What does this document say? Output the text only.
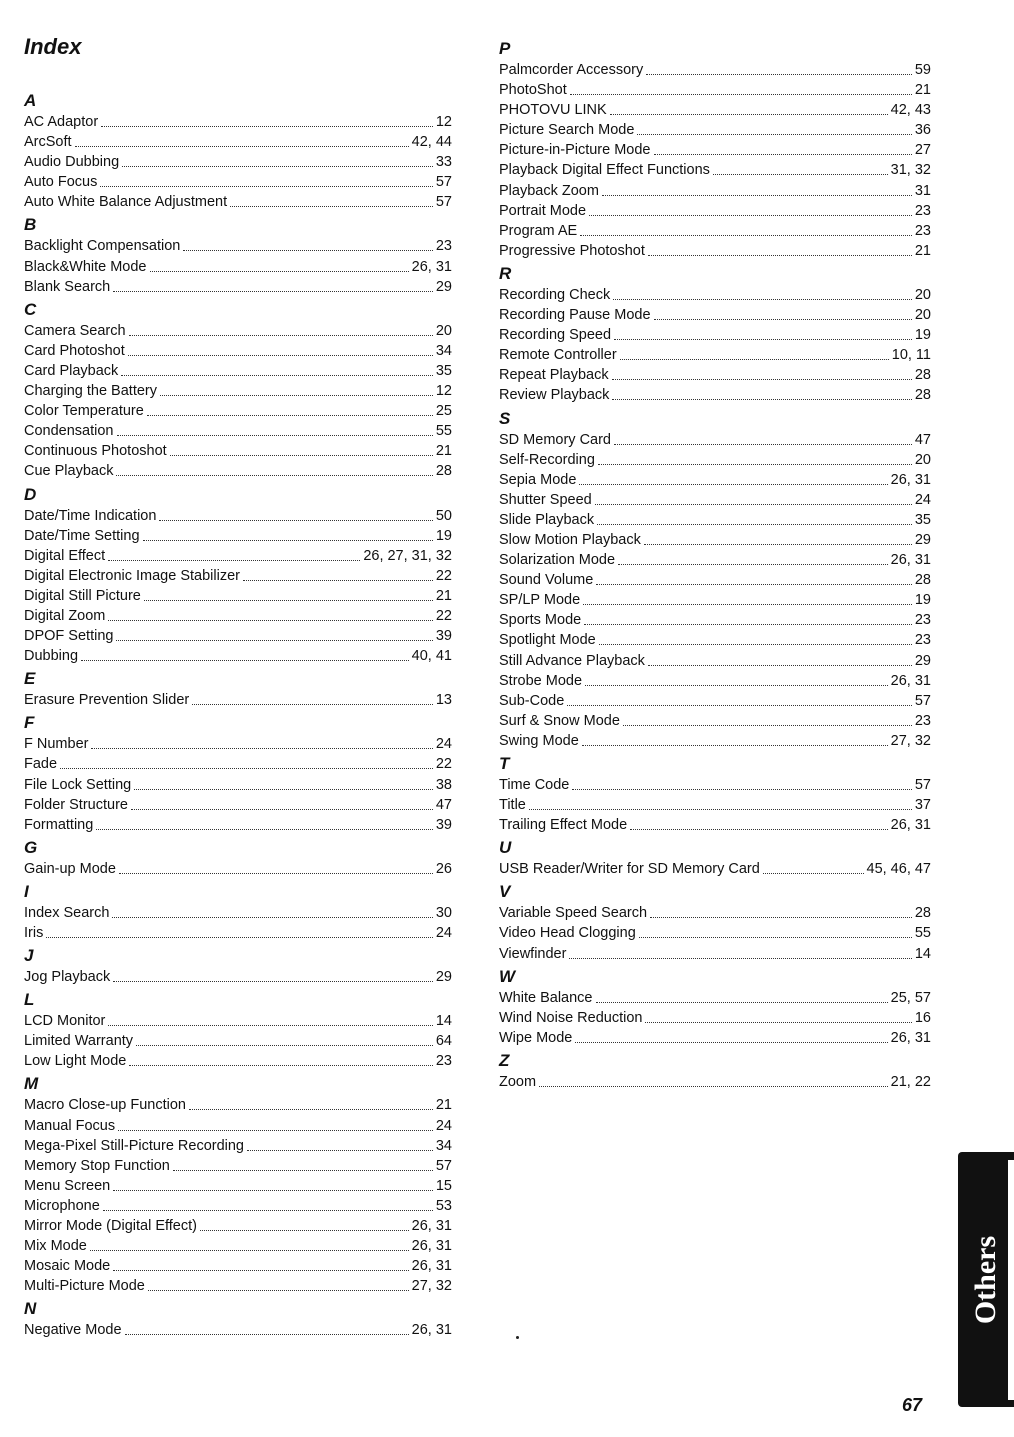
Index
A
AC Adaptor	12
ArcSoft	42, 44
Audio Dubbing	33
Auto Focus	57
Auto White Balance Adjustment	57
B
Backlight Compensation	23
Black&White Mode	26, 31
Blank Search	29
C
Camera Search	20
Card Photoshot	34
Card Playback	35
Charging the Battery	12
Color Temperature	25
Condensation	55
Continuous Photoshot	21
Cue Playback	28
D
Date/Time Indication	50
Date/Time Setting	19
Digital Effect	26, 27, 31, 32
Digital Electronic Image Stabilizer	22
Digital Still Picture	21
Digital Zoom	22
DPOF Setting	39
Dubbing	40, 41
E
Erasure Prevention Slider	13
F
F Number	24
Fade	22
File Lock Setting	38
Folder Structure	47
Formatting	39
G
Gain-up Mode	26
I
Index Search	30
Iris	24
J
Jog Playback	29
L
LCD Monitor	14
Limited Warranty	64
Low Light Mode	23
M
Macro Close-up Function	21
Manual Focus	24
Mega-Pixel Still-Picture Recording	34
Memory Stop Function	57
Menu Screen	15
Microphone	53
Mirror Mode (Digital Effect)	26, 31
Mix Mode	26, 31
Mosaic Mode	26, 31
Multi-Picture Mode	27, 32
N
Negative Mode	26, 31
P
Palmcorder Accessory	59
PhotoShot	21
PHOTOVU LINK	42, 43
Picture Search Mode	36
Picture-in-Picture Mode	27
Playback Digital Effect Functions	31, 32
Playback Zoom	31
Portrait Mode	23
Program AE	23
Progressive Photoshot	21
R
Recording Check	20
Recording Pause Mode	20
Recording Speed	19
Remote Controller	10, 11
Repeat Playback	28
Review Playback	28
S
SD Memory Card	47
Self-Recording	20
Sepia Mode	26, 31
Shutter Speed	24
Slide Playback	35
Slow Motion Playback	29
Solarization Mode	26, 31
Sound Volume	28
SP/LP Mode	19
Sports Mode	23
Spotlight Mode	23
Still Advance Playback	29
Strobe Mode	26, 31
Sub-Code	57
Surf & Snow Mode	23
Swing Mode	27, 32
T
Time Code	57
Title	37
Trailing Effect Mode	26, 31
U
USB Reader/Writer for SD Memory Card	45, 46, 47
V
Variable Speed Search	28
Video Head Clogging	55
Viewfinder	14
W
White Balance	25, 57
Wind Noise Reduction	16
Wipe Mode	26, 31
Z
Zoom	21, 22
Others
67
